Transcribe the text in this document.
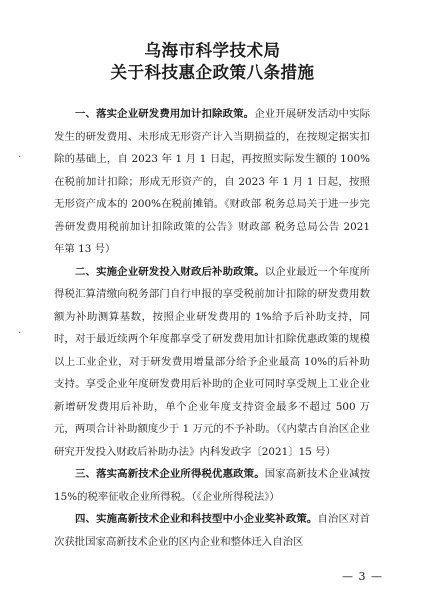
乌海市科学技术局
关于科技惠企政策八条措施
·
·

一、落实企业研发费用加计扣除政策。企业开展研发活动中实际发生的研发费用、未形成无形资产计入当期损益的，在按规定据实扣除的基础上，自 2023 年 1 月 1 日起，再按照实际发生额的 100%在税前加计扣除；形成无形资产的，自 2023 年 1 月 1 日起，按照无形资产成本的 200%在税前摊销。《财政部 税务总局关于进一步完善研发费用税前加计扣除政策的公告》财政部 税务总局公告 2021 年第 13 号）

二、实施企业研发投入财政后补助政策。以企业最近一个年度所得税汇算清缴向税务部门自行申报的享受税前加计扣除的研发费用数额为补助测算基数，按照企业研发费用的 1%给予后补助支持，同时，对于最近续两个年度都享受了研发费用加计扣除优惠政策的规模以上工业企业，对于研发费用增量部分给予企业最高 10%的后补助支持。享受企业年度研发费用后补助的企业可同时享受规上工业企业新增研发费用后补助，单个企业年度支持资金最多不超过 500 万元，两项合计补助额度少于 1 万元的不予补助。（《内蒙古自治区企业研究开发投入财政后补助办法》内科发政字〔2021〕15 号）

三、落实高新技术企业所得税优惠政策。国家高新技术企业减按 15%的税率征收企业所得税。（《企业所得税法》）

四、实施高新技术企业和科技型中小企业奖补政策。自治区对首次获批国家高新技术企业的区内企业和整体迁入自治区

— 3 —
